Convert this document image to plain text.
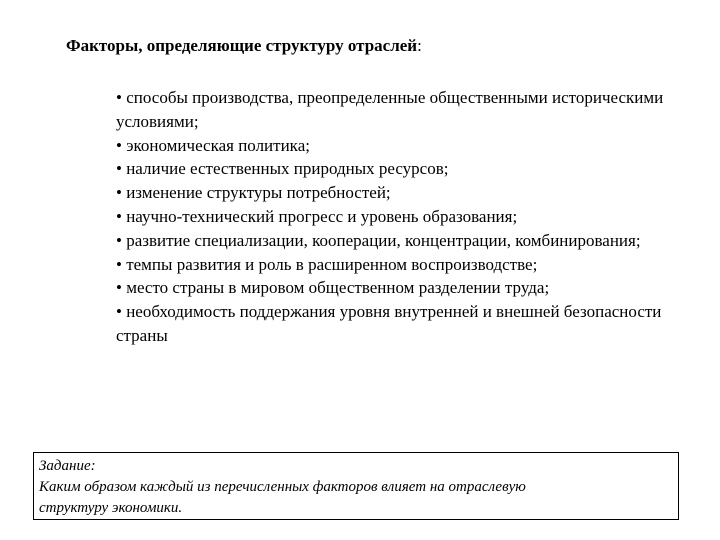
Факторы, определяющие структуру отраслей:
• способы производства, преопределенные общественными историческими условиями;
• экономическая политика;
• наличие естественных природных ресурсов;
• изменение структуры потребностей;
• научно-технический прогресс и уровень образования;
• развитие специализации, кооперации, концентрации, комбинирования;
• темпы развития и роль в расширенном воспроизводстве;
• место страны в мировом общественном разделении труда;
• необходимость поддержания уровня внутренней и внешней безопасности страны
Задание:
Каким образом каждый из перечисленных факторов влияет на отраслевую
структуру экономики.
